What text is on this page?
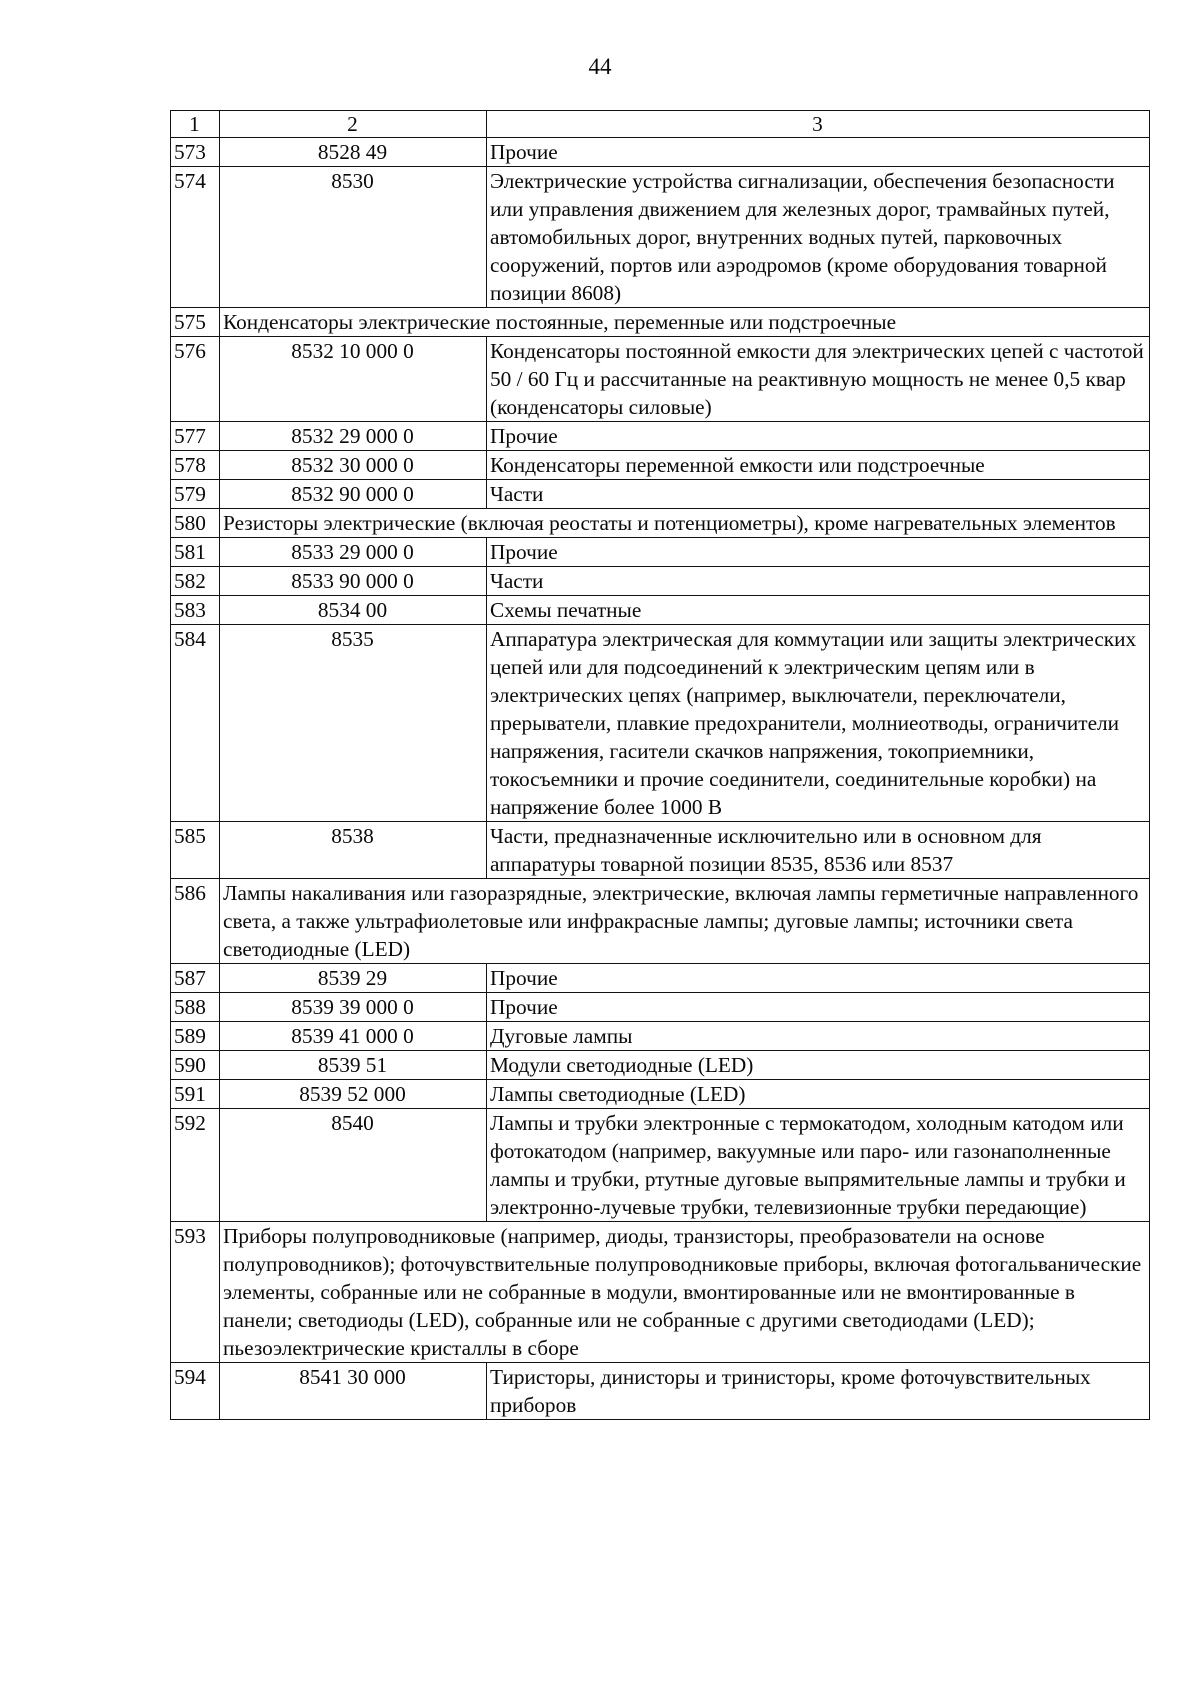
44
1	2	3
573	8528 49	Прочие
574	8530	Электрические устройства сигнализации, обеспечения безопасности или управления движением для железных дорог, трамвайных путей, автомобильных дорог, внутренних водных путей, парковочных сооружений, портов или аэродромов (кроме оборудования товарной позиции 8608)
575	Конденсаторы электрические постоянные, переменные или подстроечные	
576	8532 10 000 0	Конденсаторы постоянной емкости для электрических цепей с частотой 50 / 60 Гц и рассчитанные на реактивную мощность не менее 0,5 квар (конденсаторы силовые)
577	8532 29 000 0	Прочие
578	8532 30 000 0	Конденсаторы переменной емкости или подстроечные
579	8532 90 000 0	Части
580	Резисторы электрические (включая реостаты и потенциометры), кроме нагревательных элементов	
581	8533 29 000 0	Прочие
582	8533 90 000 0	Части
583	8534 00	Схемы печатные
584	8535	Аппаратура электрическая для коммутации или защиты электрических цепей или для подсоединений к электрическим цепям или в электрических цепях (например, выключатели, переключатели, прерыватели, плавкие предохранители, молниеотводы, ограничители напряжения, гасители скачков напряжения, токоприемники, токосъемники и прочие соединители, соединительные коробки) на напряжение более 1000 В
585	8538	Части, предназначенные исключительно или в основном для аппаратуры товарной позиции 8535, 8536 или 8537
586	Лампы накаливания или газоразрядные, электрические, включая лампы герметичные направленного света, а также ультрафиолетовые или инфракрасные лампы; дуговые лампы; источники света светодиодные (LED)	
587	8539 29	Прочие
588	8539 39 000 0	Прочие
589	8539 41 000 0	Дуговые лампы
590	8539 51	Модули светодиодные (LED)
591	8539 52 000	Лампы светодиодные (LED)
592	8540	Лампы и трубки электронные с термокатодом, холодным катодом или фотокатодом (например, вакуумные или паро- или газонаполненные лампы и трубки, ртутные дуговые выпрямительные лампы и трубки и электронно-лучевые трубки, телевизионные трубки передающие)
593	Приборы полупроводниковые (например, диоды, транзисторы, преобразователи на основе полупроводников); фоточувствительные полупроводниковые приборы, включая фотогальванические элементы, собранные или не собранные в модули, вмонтированные или не вмонтированные в панели; светодиоды (LED), собранные или не собранные с другими светодиодами (LED); пьезоэлектрические кристаллы в сборе	
594	8541 30 000	Тиристоры, динисторы и тринисторы, кроме фоточувствительных приборов
